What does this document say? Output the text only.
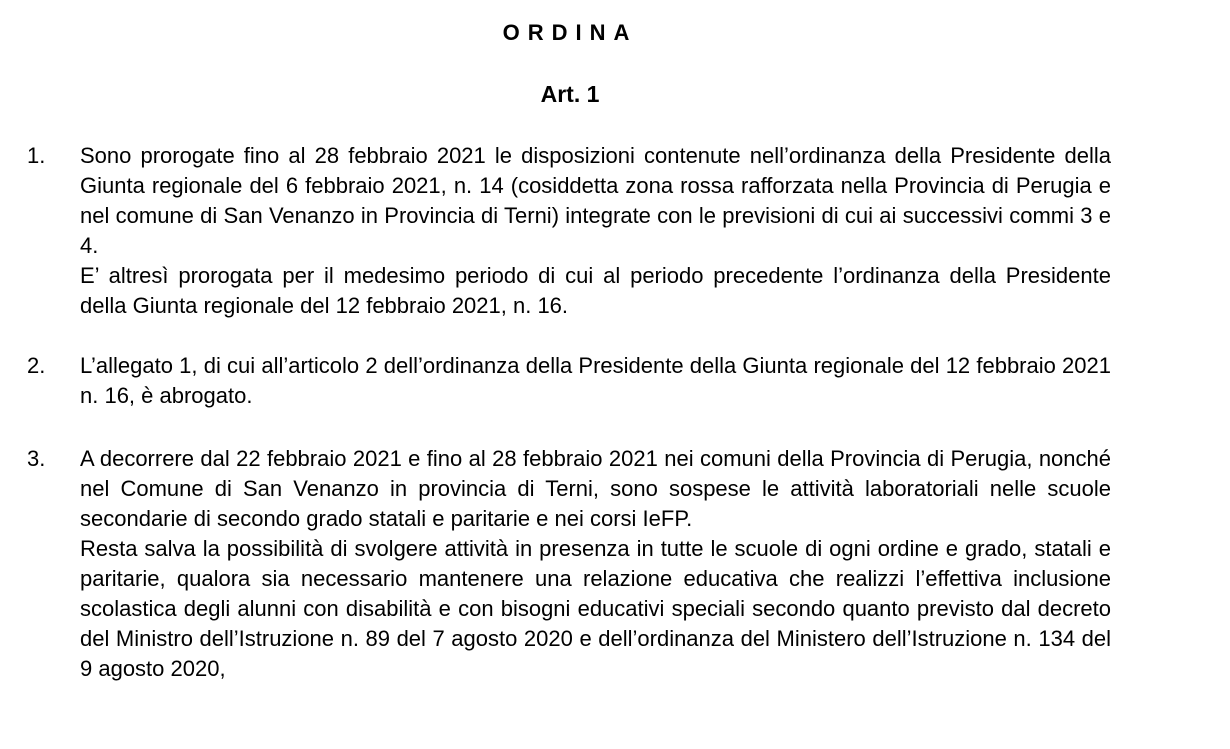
ORDINA
Art. 1
1. Sono prorogate fino al 28 febbraio 2021 le disposizioni contenute nell’ordinanza della Presidente della Giunta regionale del 6 febbraio 2021, n. 14 (cosiddetta zona rossa rafforzata nella Provincia di Perugia e nel comune di San Venanzo in Provincia di Terni) integrate con le previsioni di cui ai successivi commi 3 e 4.

E’ altresì prorogata per il medesimo periodo di cui al periodo precedente l’ordinanza della Presidente della Giunta regionale del 12 febbraio 2021, n. 16.

2. L’allegato 1, di cui all’articolo 2 dell’ordinanza della Presidente della Giunta regionale del 12 febbraio 2021 n. 16, è abrogato.

3. A decorrere dal 22 febbraio 2021 e fino al 28 febbraio 2021 nei comuni della Provincia di Perugia, nonché nel Comune di San Venanzo in provincia di Terni, sono sospese le attività laboratoriali nelle scuole secondarie di secondo grado statali e paritarie e nei corsi IeFP.

Resta salva la possibilità di svolgere attività in presenza in tutte le scuole di ogni ordine e grado, statali e paritarie, qualora sia necessario mantenere una relazione educativa che realizzi l’effettiva inclusione scolastica degli alunni con disabilità e con bisogni educativi speciali secondo quanto previsto dal decreto del Ministro dell’Istruzione n. 89 del 7 agosto 2020 e dell’ordinanza del Ministero dell’Istruzione n. 134 del 9 agosto 2020,
